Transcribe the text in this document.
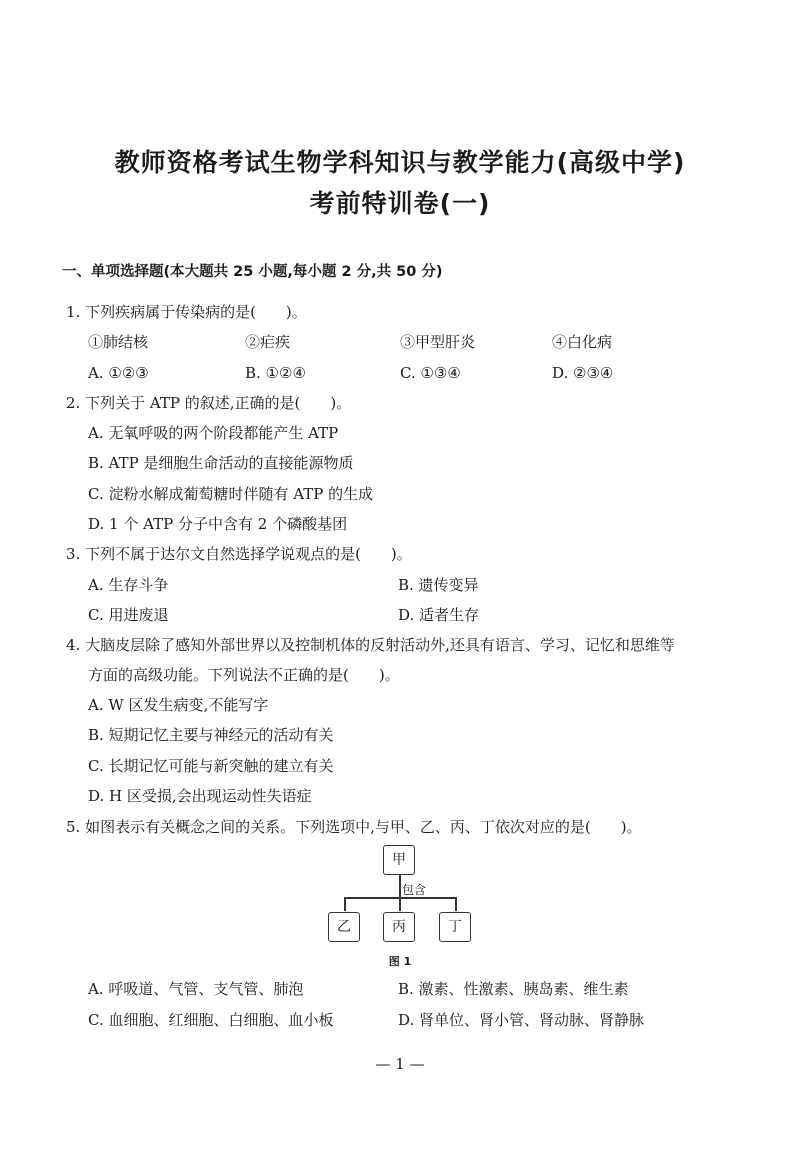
教师资格考试生物学科知识与教学能力(高级中学)
考前特训卷(一)
一、单项选择题(本大题共 25 小题,每小题 2 分,共 50 分)
1. 下列疾病属于传染病的是(　　)。
①肺结核	②疟疾	③甲型肝炎	④白化病
A. ①②③	B. ①②④	C. ①③④	D. ②③④
2. 下列关于 ATP 的叙述,正确的是(　　)。
A. 无氧呼吸的两个阶段都能产生 ATP
B. ATP 是细胞生命活动的直接能源物质
C. 淀粉水解成葡萄糖时伴随有 ATP 的生成
D. 1 个 ATP 分子中含有 2 个磷酸基团
3. 下列不属于达尔文自然选择学说观点的是(　　)。
A. 生存斗争	B. 遗传变异
C. 用进废退	D. 适者生存
4. 大脑皮层除了感知外部世界以及控制机体的反射活动外,还具有语言、学习、记忆和思维等
方面的高级功能。下列说法不正确的是(　　)。
A. W 区发生病变,不能写字
B. 短期记忆主要与神经元的活动有关
C. 长期记忆可能与新突触的建立有关
D. H 区受损,会出现运动性失语症
5. 如图表示有关概念之间的关系。下列选项中,与甲、乙、丙、丁依次对应的是(　　)。
甲
包含
乙	丙	丁
图 1
A. 呼吸道、气管、支气管、肺泡	B. 激素、性激素、胰岛素、维生素
C. 血细胞、红细胞、白细胞、血小板	D. 肾单位、肾小管、肾动脉、肾静脉
— 1 —
